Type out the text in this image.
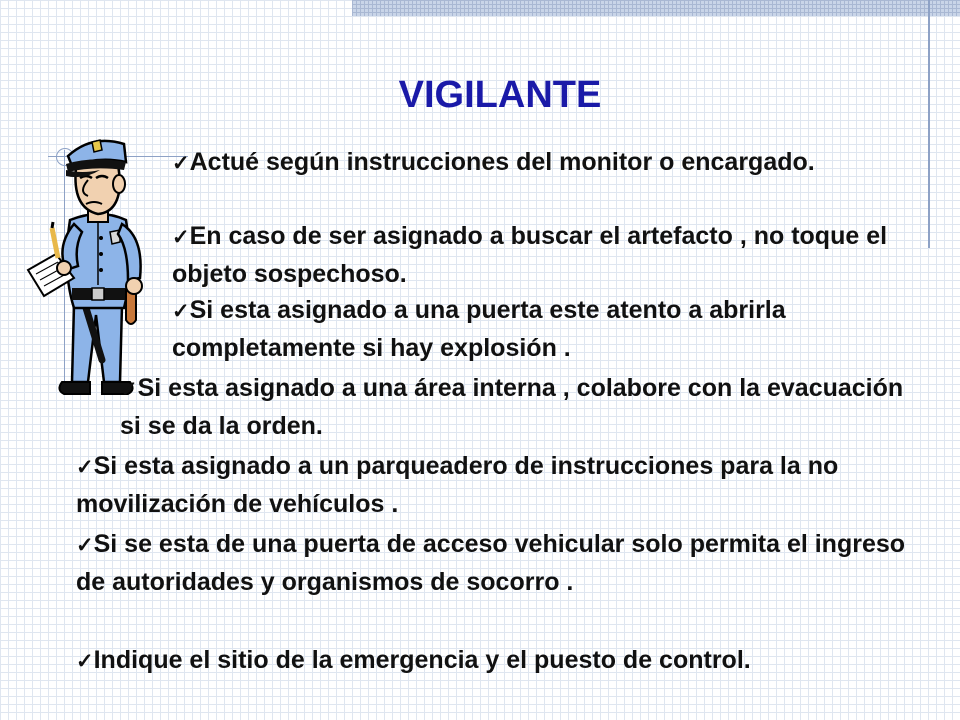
VIGILANTE

✓Actué según instrucciones del monitor o encargado.

✓En caso de ser asignado a buscar el artefacto , no toque el objeto sospechoso.

✓Si esta asignado a una puerta este atento a abrirla completamente si hay explosión .

✓Si esta asignado a una área interna , colabore con la evacuación si se da la orden.

✓Si esta asignado a un parqueadero de instrucciones para la no movilización de vehículos .

✓Si se esta de una puerta de acceso vehicular solo permita el ingreso de autoridades y organismos de socorro .

✓Indique el sitio de la emergencia y el puesto de control.
